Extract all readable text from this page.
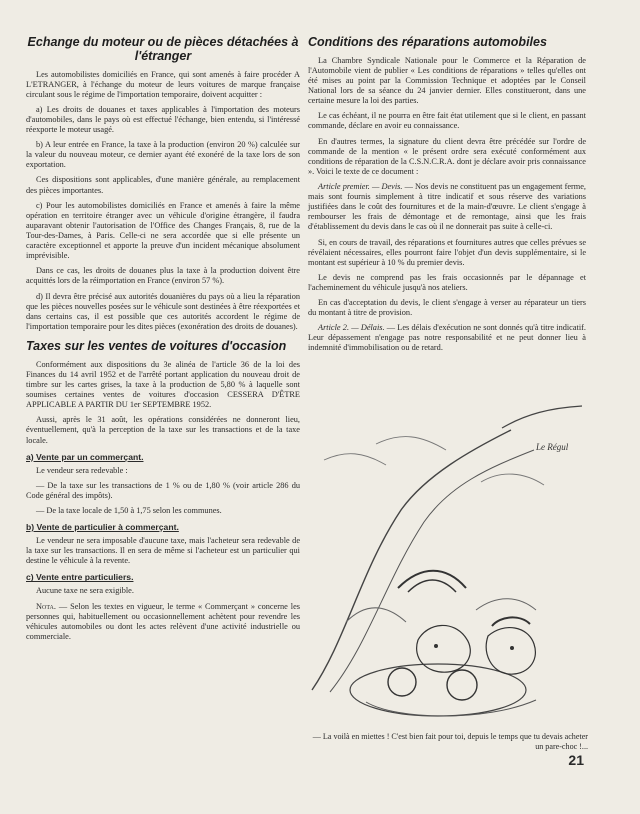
Echange du moteur ou de pièces détachées à l'étranger

Les automobilistes domiciliés en France, qui sont amenés à faire procéder A L'ETRANGER, à l'échange du moteur de leurs voitures de marque française circulant sous le régime de l'importation temporaire, doivent acquitter :

a) Les droits de douanes et taxes applicables à l'importation des moteurs d'automobiles, dans le pays où est effectué l'échange, bien entendu, si l'intéressé réexporte le moteur usagé.

b) A leur entrée en France, la taxe à la production (environ 20 %) calculée sur la valeur du nouveau moteur, ce dernier ayant été exonéré de la taxe lors de son exportation.

Ces dispositions sont applicables, d'une manière générale, au remplacement des pièces importantes.

c) Pour les automobilistes domiciliés en France et amenés à faire la même opération en territoire étranger avec un véhicule d'origine étrangère, il faudra auparavant obtenir l'autorisation de l'Office des Changes Français, 8, rue de la Tour-des-Dames, à Paris. Celle-ci ne sera accordée que si elle présente un caractère exceptionnel et apporte la preuve d'un incident mécanique absolument imprévisible.

Dans ce cas, les droits de douanes plus la taxe à la production doivent être acquittés lors de la réimportation en France (environ 57 %).

d) Il devra être précisé aux autorités douanières du pays où a lieu la réparation que les pièces nouvelles posées sur le véhicule sont destinées à être réexportées et dans certains cas, il est possible que ces autorités accordent le régime de l'importation temporaire pour les dites pièces (exonération des droits de douanes).

Taxes sur les ventes de voitures d'occasion

Conformément aux dispositions du 3e alinéa de l'article 36 de la loi des Finances du 14 avril 1952 et de l'arrêté portant application du nouveau droit de timbre sur les cartes grises, la taxe à la production de 5,80 % à laquelle sont soumises certaines ventes de voitures d'occasion CESSERA D'ÊTRE APPLICABLE A PARTIR DU 1er SEPTEMBRE 1952.

Aussi, après le 31 août, les opérations considérées ne donneront lieu, éventuellement, qu'à la perception de la taxe sur les transactions et de la taxe locale.

a) Vente par un commerçant.

Le vendeur sera redevable :

— De la taxe sur les transactions de 1 % ou de 1,80 % (voir article 286 du Code général des impôts).

— De la taxe locale de 1,50 à 1,75 selon les communes.

b) Vente de particulier à commerçant.

Le vendeur ne sera imposable d'aucune taxe, mais l'acheteur sera redevable de la taxe sur les transactions. Il en sera de même si l'acheteur est un particulier qui destine le véhicule à la revente.

c) Vente entre particuliers.

Aucune taxe ne sera exigible.

Nota. — Selon les textes en vigueur, le terme « Commerçant » concerne les personnes qui, habituellement ou occasionnellement achètent pour revendre les véhicules automobiles ou dont les actes relèvent d'une activité industrielle ou commerciale.

Conditions des réparations automobiles

La Chambre Syndicale Nationale pour le Commerce et la Réparation de l'Automobile vient de publier « Les conditions de réparations » telles qu'elles ont été mises au point par la Commission Technique et adoptées par le Conseil National lors de sa séance du 24 janvier dernier. Elles constitueront, dans une certaine mesure la loi des parties.

Le cas échéant, il ne pourra en être fait état utilement que si le client, en passant commande, déclare en avoir eu connaissance.

En d'autres termes, la signature du client devra être précédée sur l'ordre de commande de la mention « le présent ordre sera exécuté conformément aux conditions de réparation de la C.S.N.C.R.A. dont je déclare avoir pris connaissance ». Voici le texte de ce document :

Article premier. — Devis. — Nos devis ne constituent pas un engagement ferme, mais sont fournis simplement à titre indicatif et sous réserve des variations justifiées dans le coût des fournitures et de la main-d'œuvre. Le client s'engage à rembourser les frais de démontage et de remontage, ainsi que les frais d'établissement du devis dans le cas où il ne donnerait pas suite à celle-ci.

Si, en cours de travail, des réparations et fournitures autres que celles prévues se révélaient nécessaires, elles pourront faire l'objet d'un devis supplémentaire, si le montant est supérieur à 10 % du premier devis.

Le devis ne comprend pas les frais occasionnés par le dépannage et l'acheminement du véhicule jusqu'à nos ateliers.

En cas d'acceptation du devis, le client s'engage à verser au réparateur un tiers du montant à titre de provision.

Article 2. — Délais. — Les délais d'exécution ne sont donnés qu'à titre indicatif. Leur dépassement n'engage pas notre responsabilité et ne peut donner lieu à indemnité d'immobilisation ou de retard.

Le Régul
— La voilà en miettes ! C'est bien fait pour toi, depuis le temps que tu devais acheter un pare-choc !...
21
